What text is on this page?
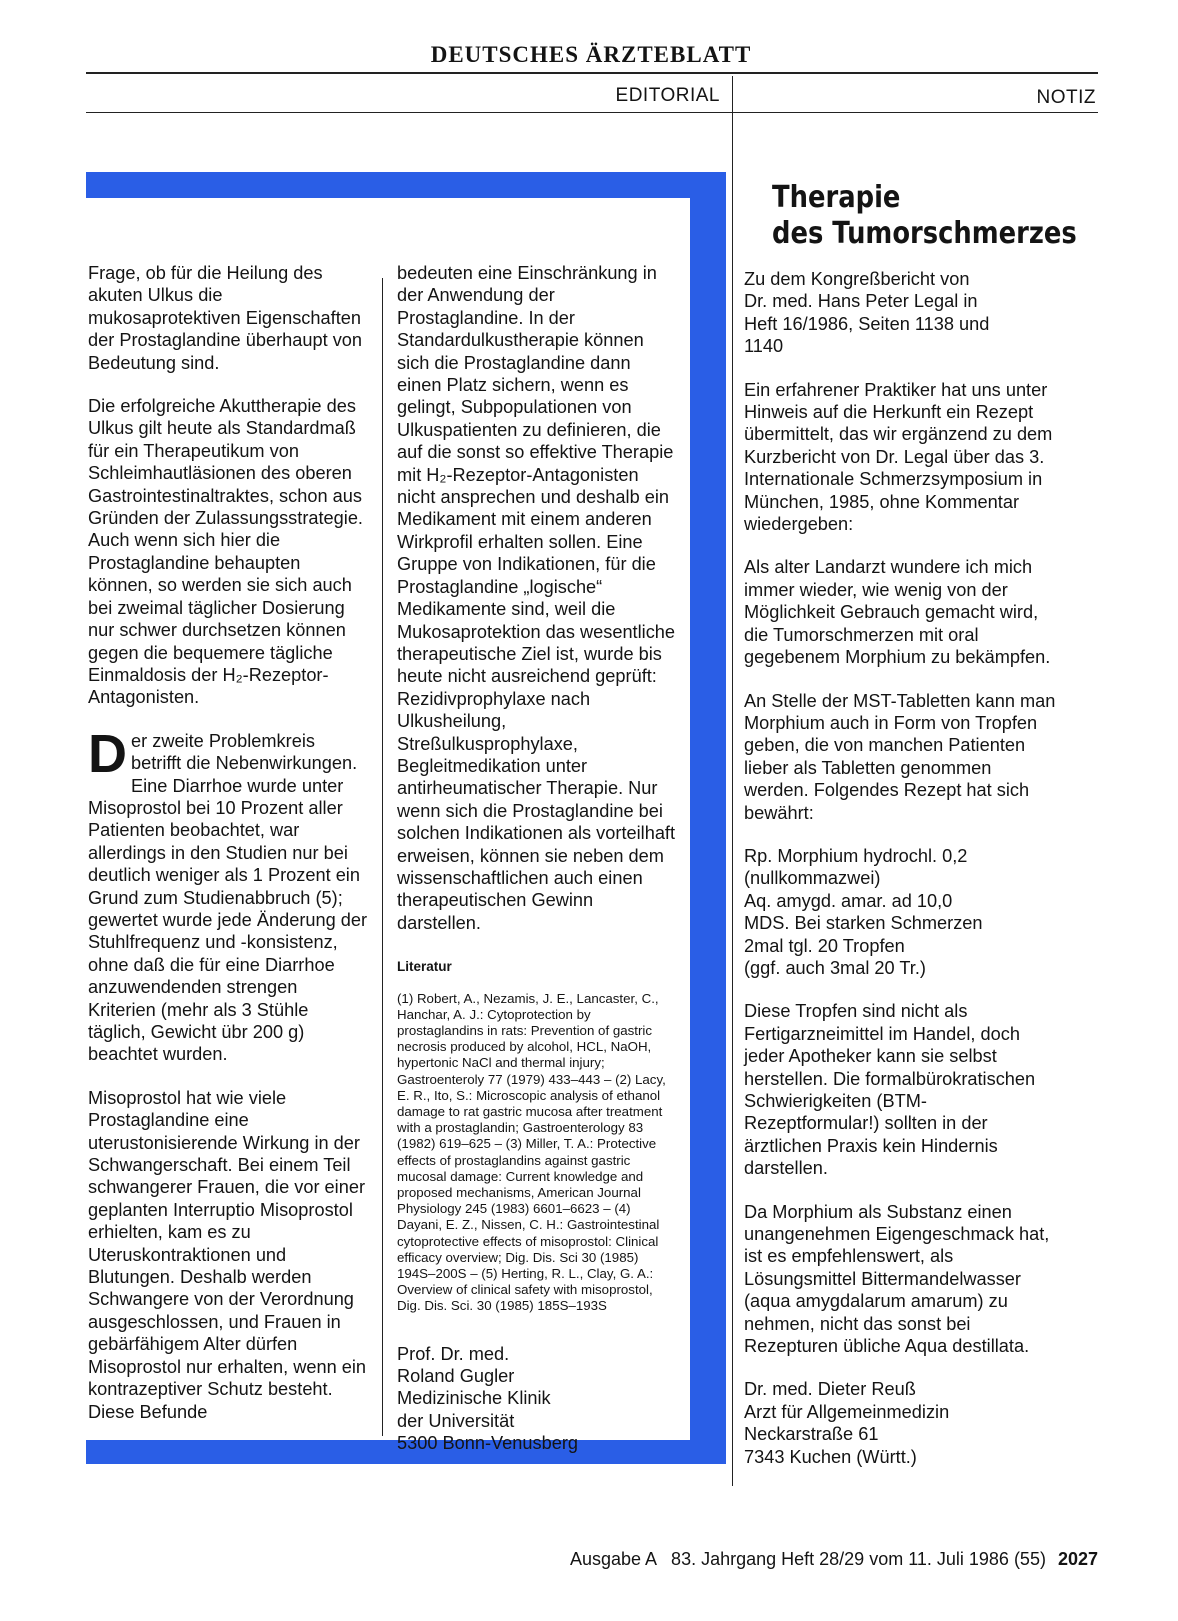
DEUTSCHES ÄRZTEBLATT
EDITORIAL	NOTIZ

Frage, ob für die Heilung des akuten Ulkus die mukosaprotektiven Eigenschaften der Prostaglandine überhaupt von Bedeutung sind.

Die erfolgreiche Akuttherapie des Ulkus gilt heute als Standardmaß für ein Therapeutikum von Schleimhautläsionen des oberen Gastrointestinaltraktes, schon aus Gründen der Zulassungsstrategie. Auch wenn sich hier die Prostaglandine behaupten können, so werden sie sich auch bei zweimal täglicher Dosierung nur schwer durchsetzen können gegen die bequemere tägliche Einmaldosis der H₂-Rezeptor-Antagonisten.

Der zweite Problemkreis betrifft die Nebenwirkungen. Eine Diarrhoe wurde unter Misoprostol bei 10 Prozent aller Patienten beobachtet, war allerdings in den Studien nur bei deutlich weniger als 1 Prozent ein Grund zum Studienabbruch (5); gewertet wurde jede Änderung der Stuhlfrequenz und -konsistenz, ohne daß die für eine Diarrhoe anzuwendenden strengen Kriterien (mehr als 3 Stühle täglich, Gewicht übr 200 g) beachtet wurden.

Misoprostol hat wie viele Prostaglandine eine uterustonisierende Wirkung in der Schwangerschaft. Bei einem Teil schwangerer Frauen, die vor einer geplanten Interruptio Misoprostol erhielten, kam es zu Uteruskontraktionen und Blutungen. Deshalb werden Schwangere von der Verordnung ausgeschlossen, und Frauen in gebärfähigem Alter dürfen Misoprostol nur erhalten, wenn ein kontrazeptiver Schutz besteht. Diese Befunde

bedeuten eine Einschränkung in der Anwendung der Prostaglandine. In der Standardulkustherapie können sich die Prostaglandine dann einen Platz sichern, wenn es gelingt, Subpopulationen von Ulkuspatienten zu definieren, die auf die sonst so effektive Therapie mit H₂-Rezeptor-Antagonisten nicht ansprechen und deshalb ein Medikament mit einem anderen Wirkprofil erhalten sollen. Eine Gruppe von Indikationen, für die Prostaglandine „logische“ Medikamente sind, weil die Mukosaprotektion das wesentliche therapeutische Ziel ist, wurde bis heute nicht ausreichend geprüft: Rezidivprophylaxe nach Ulkusheilung, Streßulkusprophylaxe, Begleitmedikation unter antirheumatischer Therapie. Nur wenn sich die Prostaglandine bei solchen Indikationen als vorteilhaft erweisen, können sie neben dem wissenschaftlichen auch einen therapeutischen Gewinn darstellen.

Literatur
(1) Robert, A., Nezamis, J. E., Lancaster, C., Hanchar, A. J.: Cytoprotection by prostaglandins in rats: Prevention of gastric necrosis produced by alcohol, HCL, NaOH, hypertonic NaCl and thermal injury; Gastroenteroly 77 (1979) 433–443 – (2) Lacy, E. R., Ito, S.: Microscopic analysis of ethanol damage to rat gastric mucosa after treatment with a prostaglandin; Gastroenterology 83 (1982) 619–625 – (3) Miller, T. A.: Protective effects of prostaglandins against gastric mucosal damage: Current knowledge and proposed mechanisms, American Journal Physiology 245 (1983) 6601–6623 – (4) Dayani, E. Z., Nissen, C. H.: Gastrointestinal cytoprotective effects of misoprostol: Clinical efficacy overview; Dig. Dis. Sci 30 (1985) 194S–200S – (5) Herting, R. L., Clay, G. A.: Overview of clinical safety with misoprostol, Dig. Dis. Sci. 30 (1985) 185S–193S
Prof. Dr. med.
Roland Gugler
Medizinische Klinik
der Universität
5300 Bonn-Venusberg
Therapie
des Tumorschmerzes

Zu dem Kongreßbericht von Dr. med. Hans Peter Legal in Heft 16/1986, Seiten 1138 und 1140

Ein erfahrener Praktiker hat uns unter Hinweis auf die Herkunft ein Rezept übermittelt, das wir ergänzend zu dem Kurzbericht von Dr. Legal über das 3. Internationale Schmerzsymposium in München, 1985, ohne Kommentar wiedergeben:

Als alter Landarzt wundere ich mich immer wieder, wie wenig von der Möglichkeit Gebrauch gemacht wird, die Tumorschmerzen mit oral gegebenem Morphium zu bekämpfen.

An Stelle der MST-Tabletten kann man Morphium auch in Form von Tropfen geben, die von manchen Patienten lieber als Tabletten genommen werden. Folgendes Rezept hat sich bewährt:

Rp. Morphium hydrochl. 0,2
(nullkommazwei)
Aq. amygd. amar. ad 10,0
MDS. Bei starken Schmerzen
2mal tgl. 20 Tropfen
(ggf. auch 3mal 20 Tr.)

Diese Tropfen sind nicht als Fertigarzneimittel im Handel, doch jeder Apotheker kann sie selbst herstellen. Die formalbürokratischen Schwierigkeiten (BTM-Rezeptformular!) sollten in der ärztlichen Praxis kein Hindernis darstellen.

Da Morphium als Substanz einen unangenehmen Eigengeschmack hat, ist es empfehlenswert, als Lösungsmittel Bittermandelwasser (aqua amygdalarum amarum) zu nehmen, nicht das sonst bei Rezepturen übliche Aqua destillata.

Dr. med. Dieter Reuß
Arzt für Allgemeinmedizin
Neckarstraße 61
7343 Kuchen (Württ.)
Ausgabe A   83. Jahrgang Heft 28/29 vom 11. Juli 1986 (55) 2027
